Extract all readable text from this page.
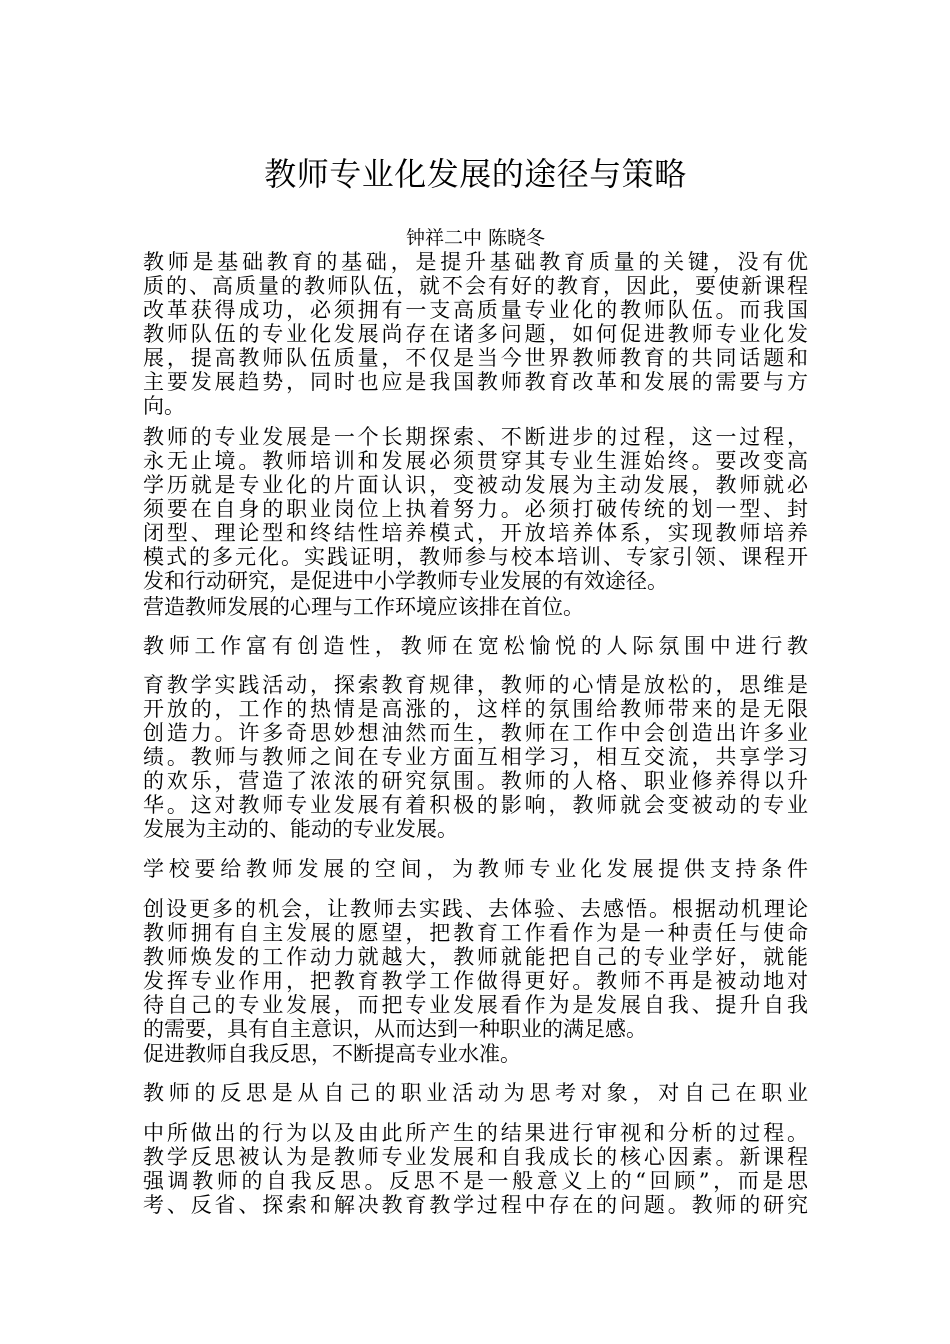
教师专业化发展的途径与策略
钟祥二中 陈晓冬
教师是基础教育的基础，是提升基础教育质量的关键，没有优
质的、高质量的教师队伍，就不会有好的教育，因此，要使新课程
改革获得成功，必须拥有一支高质量专业化的教师队伍。而我国
教师队伍的专业化发展尚存在诸多问题，如何促进教师专业化发
展，提高教师队伍质量，不仅是当今世界教师教育的共同话题和
主要发展趋势，同时也应是我国教师教育改革和发展的需要与方
向。
教师的专业发展是一个长期探索、不断进步的过程，这一过程，
永无止境。教师培训和发展必须贯穿其专业生涯始终。要改变高
学历就是专业化的片面认识，变被动发展为主动发展，教师就必
须要在自身的职业岗位上执着努力。必须打破传统的划一型、封
闭型、理论型和终结性培养模式，开放培养体系，实现教师培养
模式的多元化。实践证明，教师参与校本培训、专家引领、课程开
发和行动研究，是促进中小学教师专业发展的有效途径。
营造教师发展的心理与工作环境应该排在首位。
教师工作富有创造性，教师在宽松愉悦的人际氛围中进行教
育教学实践活动，探索教育规律，教师的心情是放松的，思维是
开放的，工作的热情是高涨的，这样的氛围给教师带来的是无限
创造力。许多奇思妙想油然而生，教师在工作中会创造出许多业
绩。教师与教师之间在专业方面互相学习，相互交流，共享学习
的欢乐，营造了浓浓的研究氛围。教师的人格、职业修养得以升
华。这对教师专业发展有着积极的影响，教师就会变被动的专业
发展为主动的、能动的专业发展。
学校要给教师发展的空间，为教师专业化发展提供支持条件
创设更多的机会，让教师去实践、去体验、去感悟。根据动机理论
教师拥有自主发展的愿望，把教育工作看作为是一种责任与使命
教师焕发的工作动力就越大，教师就能把自己的专业学好，就能
发挥专业作用，把教育教学工作做得更好。教师不再是被动地对
待自己的专业发展，而把专业发展看作为是发展自我、提升自我
的需要，具有自主意识，从而达到一种职业的满足感。
促进教师自我反思，不断提高专业水准。
教师的反思是从自己的职业活动为思考对象，对自己在职业
中所做出的行为以及由此所产生的结果进行审视和分析的过程。
教学反思被认为是教师专业发展和自我成长的核心因素。新课程
强调教师的自我反思。反思不是一般意义上的“回顾”，而是思
考、反省、探索和解决教育教学过程中存在的问题。教师的研究
